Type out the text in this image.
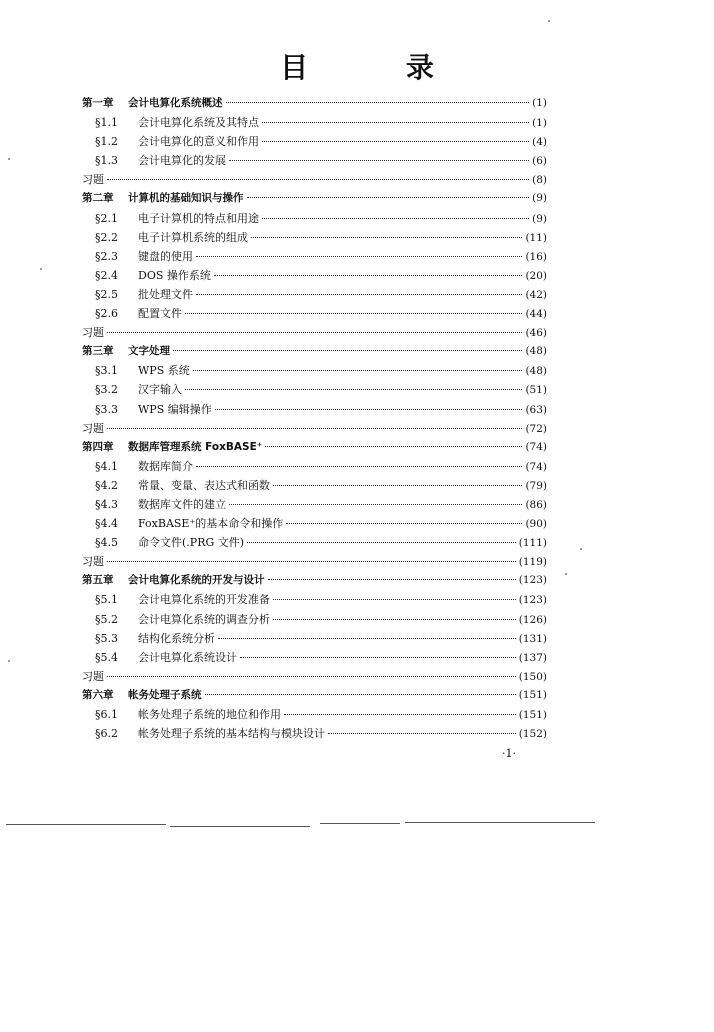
目 录
第一章	会计电算化系统概述	(1)
§1.1	会计电算化系统及其特点	(1)
§1.2	会计电算化的意义和作用	(4)
§1.3	会计电算化的发展	(6)
习题	(8)
第二章	计算机的基础知识与操作	(9)
§2.1	电子计算机的特点和用途	(9)
§2.2	电子计算机系统的组成	(11)
§2.3	键盘的使用	(16)
§2.4	DOS 操作系统	(20)
§2.5	批处理文件	(42)
§2.6	配置文件	(44)
习题	(46)
第三章	文字处理	(48)
§3.1	WPS 系统	(48)
§3.2	汉字输入	(51)
§3.3	WPS 编辑操作	(63)
习题	(72)
第四章	数据库管理系统 FoxBASE⁺	(74)
§4.1	数据库简介	(74)
§4.2	常量、变量、表达式和函数	(79)
§4.3	数据库文件的建立	(86)
§4.4	FoxBASE⁺的基本命令和操作	(90)
§4.5	命令文件(.PRG 文件)	(111)
习题	(119)
第五章	会计电算化系统的开发与设计	(123)
§5.1	会计电算化系统的开发准备	(123)
§5.2	会计电算化系统的调查分析	(126)
§5.3	结构化系统分析	(131)
§5.4	会计电算化系统设计	(137)
习题	(150)
第六章	帐务处理子系统	(151)
§6.1	帐务处理子系统的地位和作用	(151)
§6.2	帐务处理子系统的基本结构与模块设计	(152)
·1·
